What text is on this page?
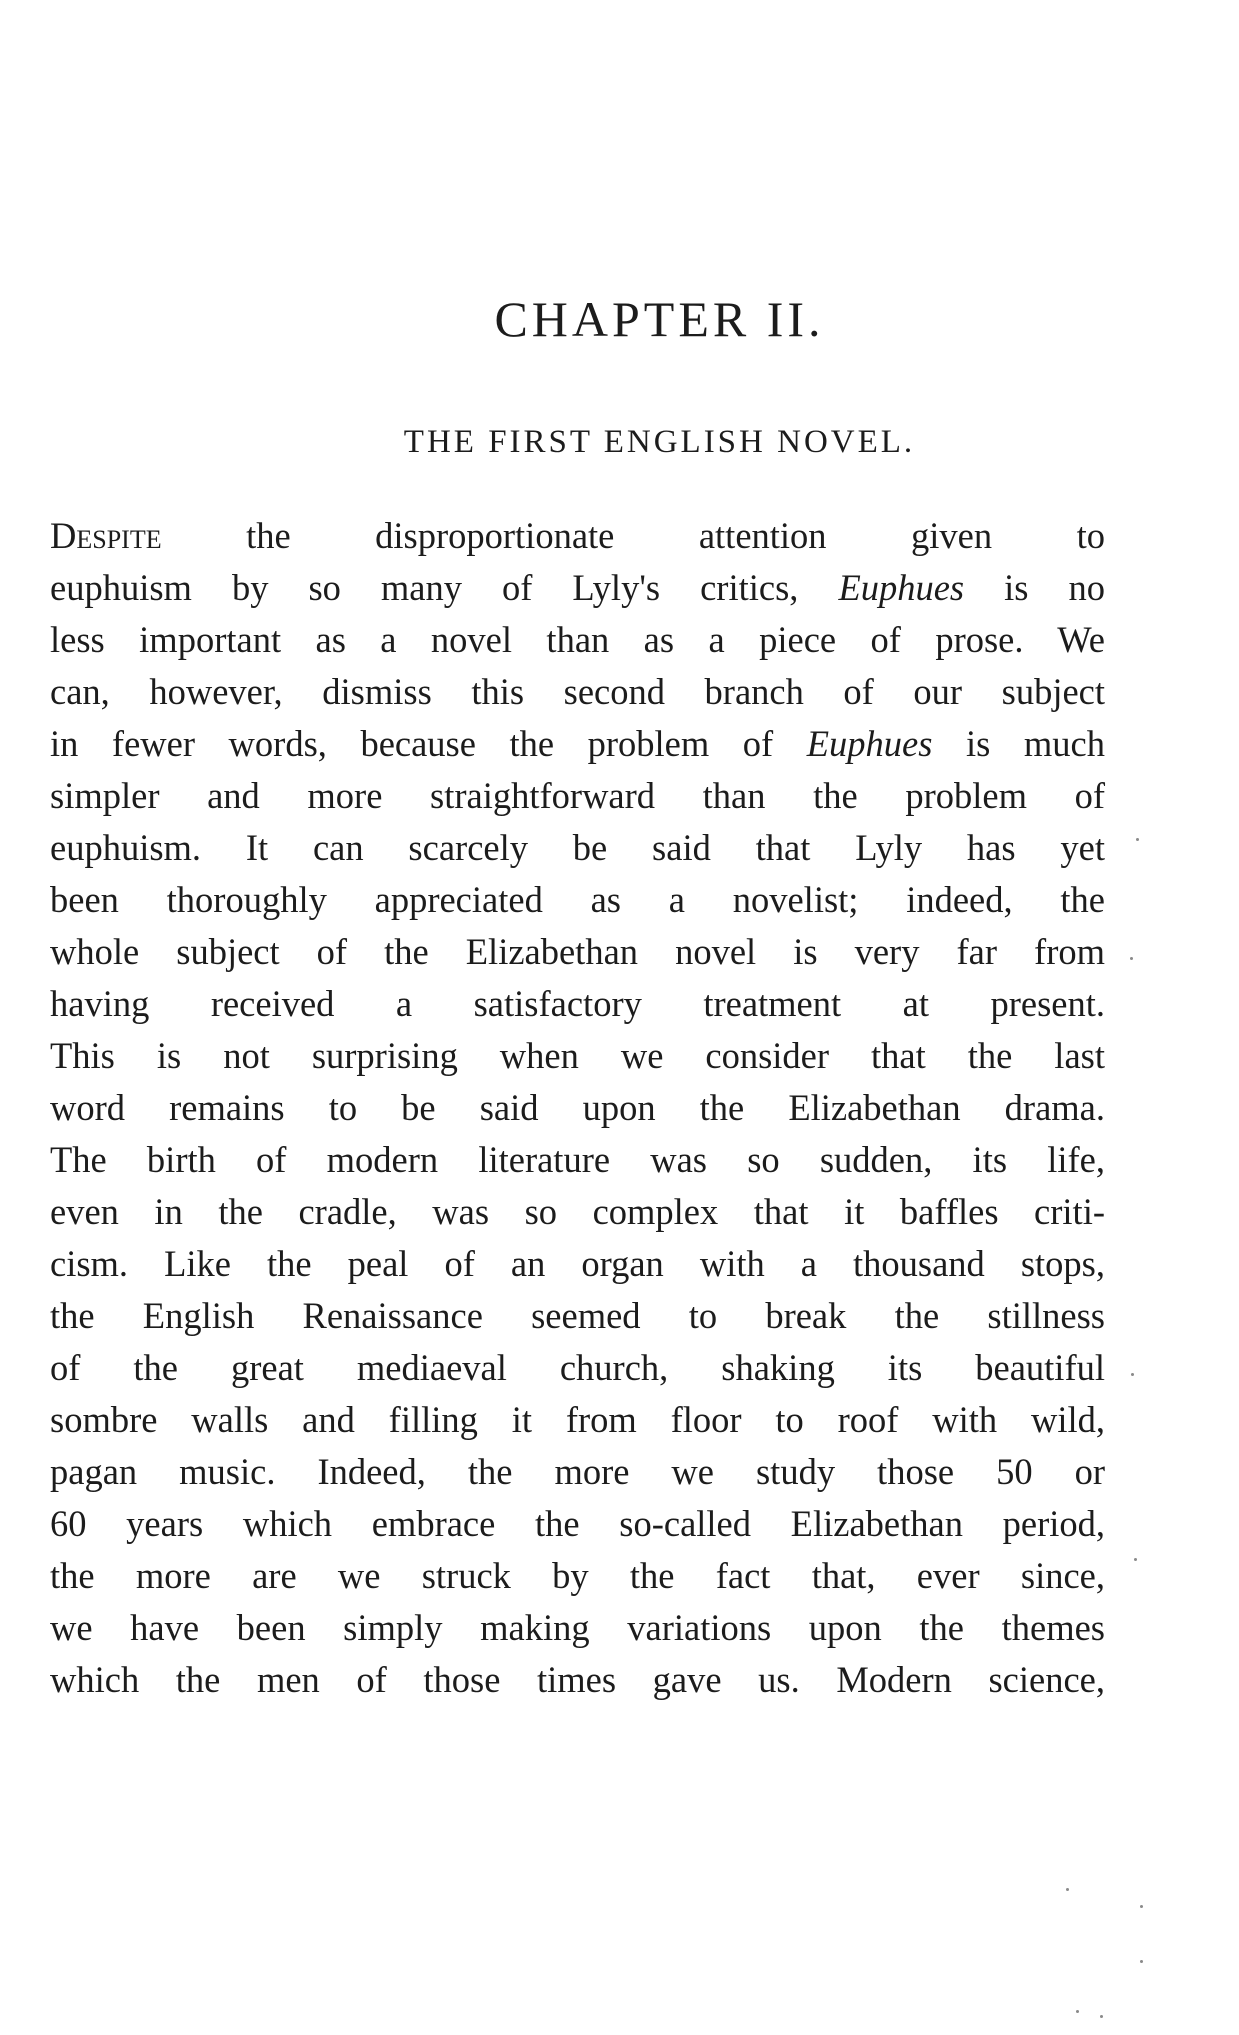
CHAPTER II.
THE FIRST ENGLISH NOVEL.
Despite the disproportionate attention given to
euphuism by so many of Lyly's critics, Euphues is no
less important as a novel than as a piece of prose. We
can, however, dismiss this second branch of our subject
in fewer words, because the problem of Euphues is much
simpler and more straightforward than the problem of
euphuism. It can scarcely be said that Lyly has yet
been thoroughly appreciated as a novelist; indeed, the
whole subject of the Elizabethan novel is very far from
having received a satisfactory treatment at present.
This is not surprising when we consider that the last
word remains to be said upon the Elizabethan drama.
The birth of modern literature was so sudden, its life,
even in the cradle, was so complex that it baffles criti-
cism. Like the peal of an organ with a thousand stops,
the English Renaissance seemed to break the stillness
of the great mediaeval church, shaking its beautiful
sombre walls and filling it from floor to roof with wild,
pagan music. Indeed, the more we study those 50 or
60 years which embrace the so-called Elizabethan period,
the more are we struck by the fact that, ever since,
we have been simply making variations upon the themes
which the men of those times gave us. Modern science,
